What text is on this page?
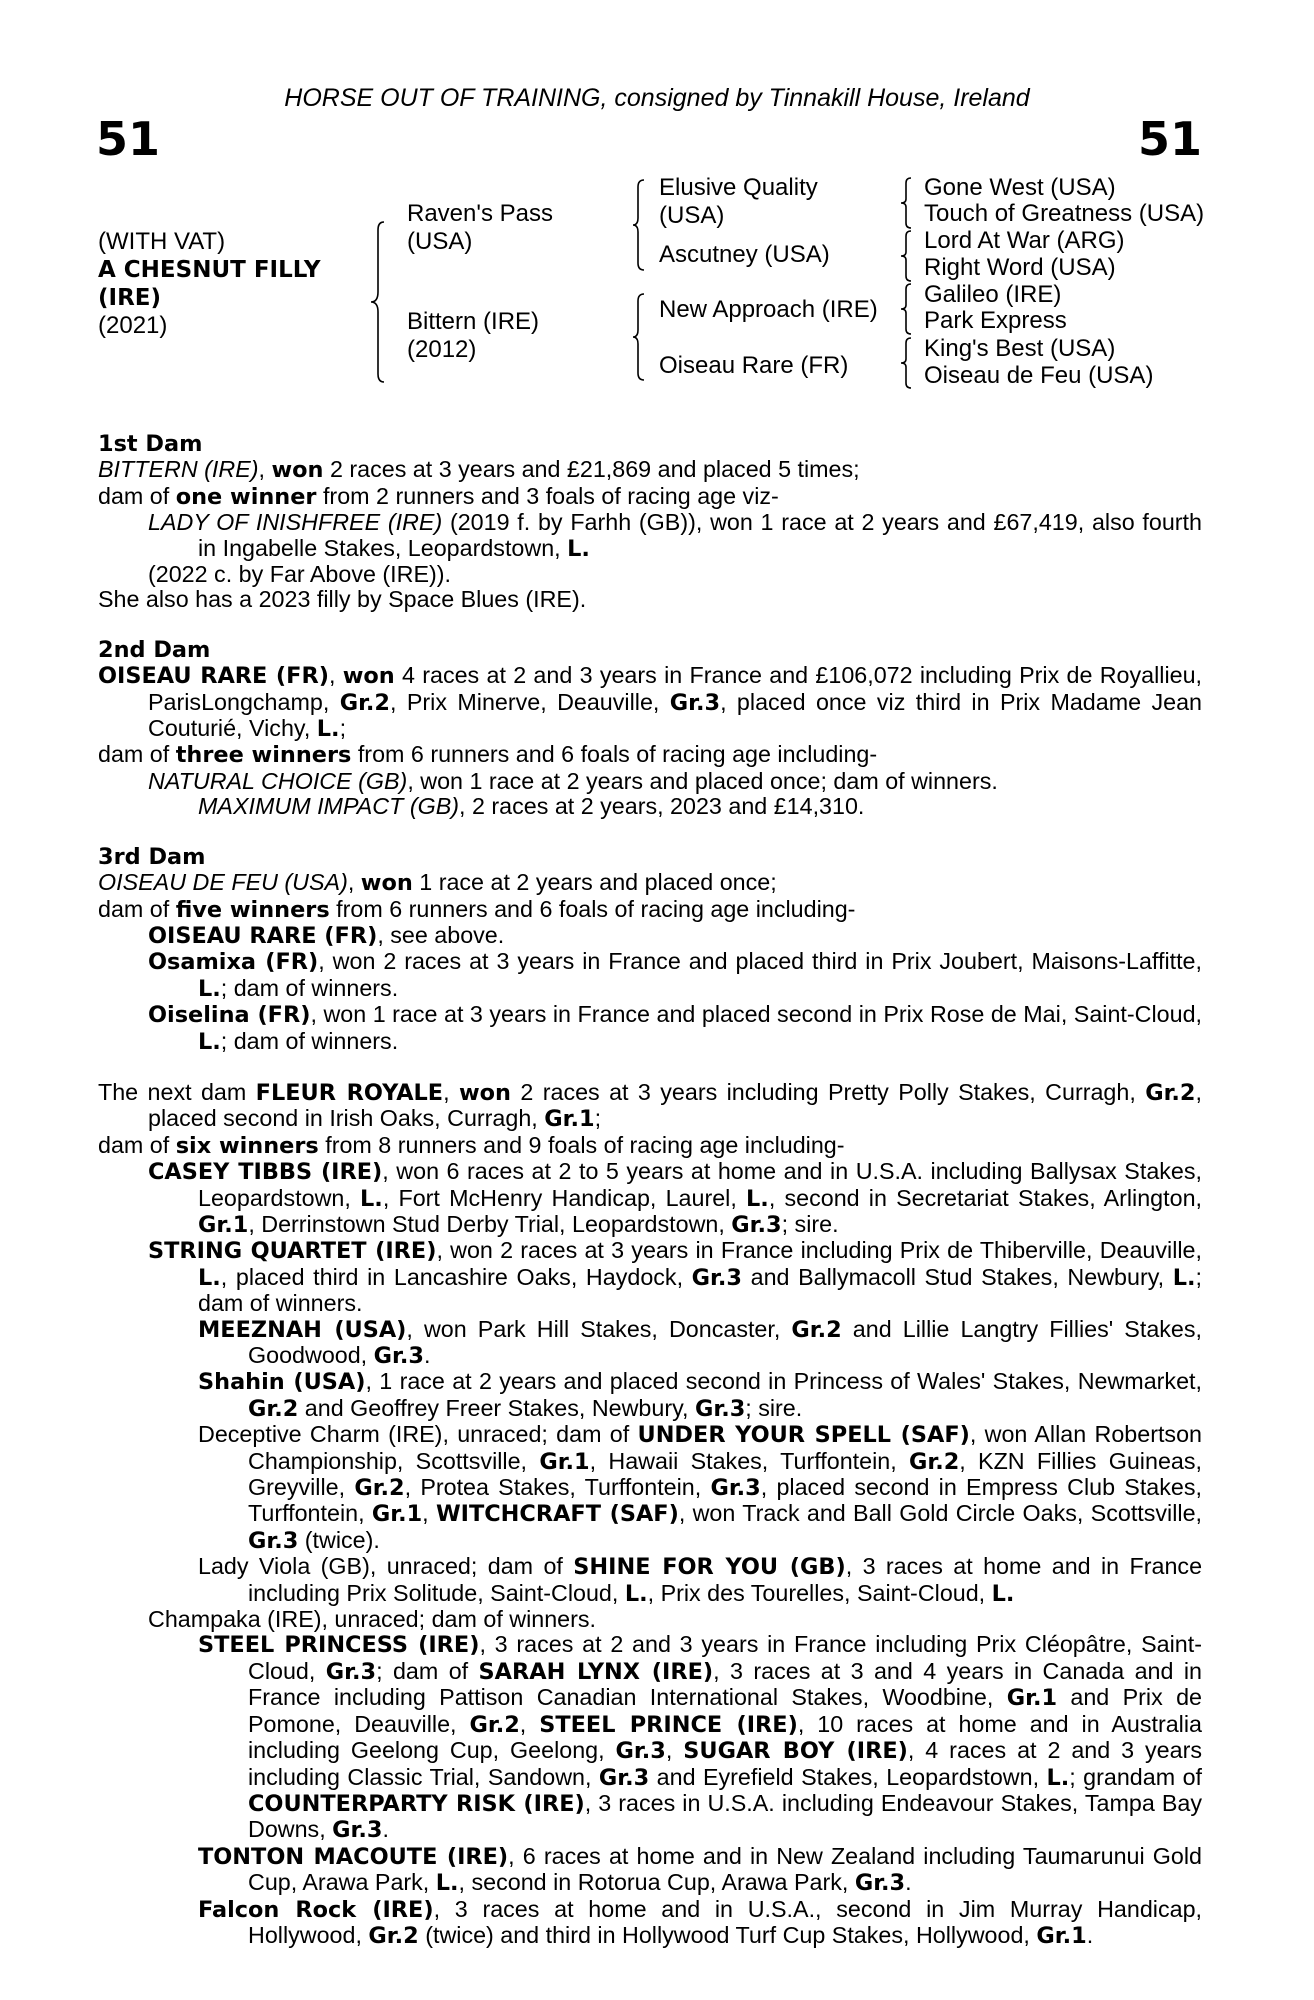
HORSE OUT OF TRAINING, consigned by Tinnakill House, Ireland
51	51
(WITH VAT)
A CHESNUT FILLY
(IRE)
(2021)
Raven's Pass
(USA)
Bittern (IRE)
(2012)
Elusive Quality
(USA)
Ascutney (USA)
New Approach (IRE)
Oiseau Rare (FR)
Gone West (USA)
Touch of Greatness (USA)
Lord At War (ARG)
Right Word (USA)
Galileo (IRE)
Park Express
King's Best (USA)
Oiseau de Feu (USA)
1st Dam
BITTERN (IRE), won 2 races at 3 years and £21,869 and placed 5 times;
dam of one winner from 2 runners and 3 foals of racing age viz-
LADY OF INISHFREE (IRE) (2019 f. by Farhh (GB)), won 1 race at 2 years and £67,419, also fourth in Ingabelle Stakes, Leopardstown, L.
(2022 c. by Far Above (IRE)).
She also has a 2023 filly by Space Blues (IRE).
2nd Dam
OISEAU RARE (FR), won 4 races at 2 and 3 years in France and £106,072 including Prix de Royallieu, ParisLongchamp, Gr.2, Prix Minerve, Deauville, Gr.3, placed once viz third in Prix Madame Jean Couturié, Vichy, L.;
dam of three winners from 6 runners and 6 foals of racing age including-
NATURAL CHOICE (GB), won 1 race at 2 years and placed once; dam of winners.
MAXIMUM IMPACT (GB), 2 races at 2 years, 2023 and £14,310.
3rd Dam
OISEAU DE FEU (USA), won 1 race at 2 years and placed once;
dam of five winners from 6 runners and 6 foals of racing age including-
OISEAU RARE (FR), see above.
Osamixa (FR), won 2 races at 3 years in France and placed third in Prix Joubert, Maisons-Laffitte, L.; dam of winners.
Oiselina (FR), won 1 race at 3 years in France and placed second in Prix Rose de Mai, Saint-Cloud, L.; dam of winners.
The next dam FLEUR ROYALE, won 2 races at 3 years including Pretty Polly Stakes, Curragh, Gr.2, placed second in Irish Oaks, Curragh, Gr.1;
dam of six winners from 8 runners and 9 foals of racing age including-
CASEY TIBBS (IRE), won 6 races at 2 to 5 years at home and in U.S.A. including Ballysax Stakes, Leopardstown, L., Fort McHenry Handicap, Laurel, L., second in Secretariat Stakes, Arlington, Gr.1, Derrinstown Stud Derby Trial, Leopardstown, Gr.3; sire.
STRING QUARTET (IRE), won 2 races at 3 years in France including Prix de Thiberville, Deauville, L., placed third in Lancashire Oaks, Haydock, Gr.3 and Ballymacoll Stud Stakes, Newbury, L.; dam of winners.
MEEZNAH (USA), won Park Hill Stakes, Doncaster, Gr.2 and Lillie Langtry Fillies' Stakes, Goodwood, Gr.3.
Shahin (USA), 1 race at 2 years and placed second in Princess of Wales' Stakes, Newmarket, Gr.2 and Geoffrey Freer Stakes, Newbury, Gr.3; sire.
Deceptive Charm (IRE), unraced; dam of UNDER YOUR SPELL (SAF), won Allan Robertson Championship, Scottsville, Gr.1, Hawaii Stakes, Turffontein, Gr.2, KZN Fillies Guineas, Greyville, Gr.2, Protea Stakes, Turffontein, Gr.3, placed second in Empress Club Stakes, Turffontein, Gr.1, WITCHCRAFT (SAF), won Track and Ball Gold Circle Oaks, Scottsville, Gr.3 (twice).
Lady Viola (GB), unraced; dam of SHINE FOR YOU (GB), 3 races at home and in France including Prix Solitude, Saint-Cloud, L., Prix des Tourelles, Saint-Cloud, L.
Champaka (IRE), unraced; dam of winners.
STEEL PRINCESS (IRE), 3 races at 2 and 3 years in France including Prix Cléopâtre, Saint-Cloud, Gr.3; dam of SARAH LYNX (IRE), 3 races at 3 and 4 years in Canada and in France including Pattison Canadian International Stakes, Woodbine, Gr.1 and Prix de Pomone, Deauville, Gr.2, STEEL PRINCE (IRE), 10 races at home and in Australia including Geelong Cup, Geelong, Gr.3, SUGAR BOY (IRE), 4 races at 2 and 3 years including Classic Trial, Sandown, Gr.3 and Eyrefield Stakes, Leopardstown, L.; grandam of COUNTERPARTY RISK (IRE), 3 races in U.S.A. including Endeavour Stakes, Tampa Bay Downs, Gr.3.
TONTON MACOUTE (IRE), 6 races at home and in New Zealand including Taumarunui Gold Cup, Arawa Park, L., second in Rotorua Cup, Arawa Park, Gr.3.
Falcon Rock (IRE), 3 races at home and in U.S.A., second in Jim Murray Handicap, Hollywood, Gr.2 (twice) and third in Hollywood Turf Cup Stakes, Hollywood, Gr.1.
